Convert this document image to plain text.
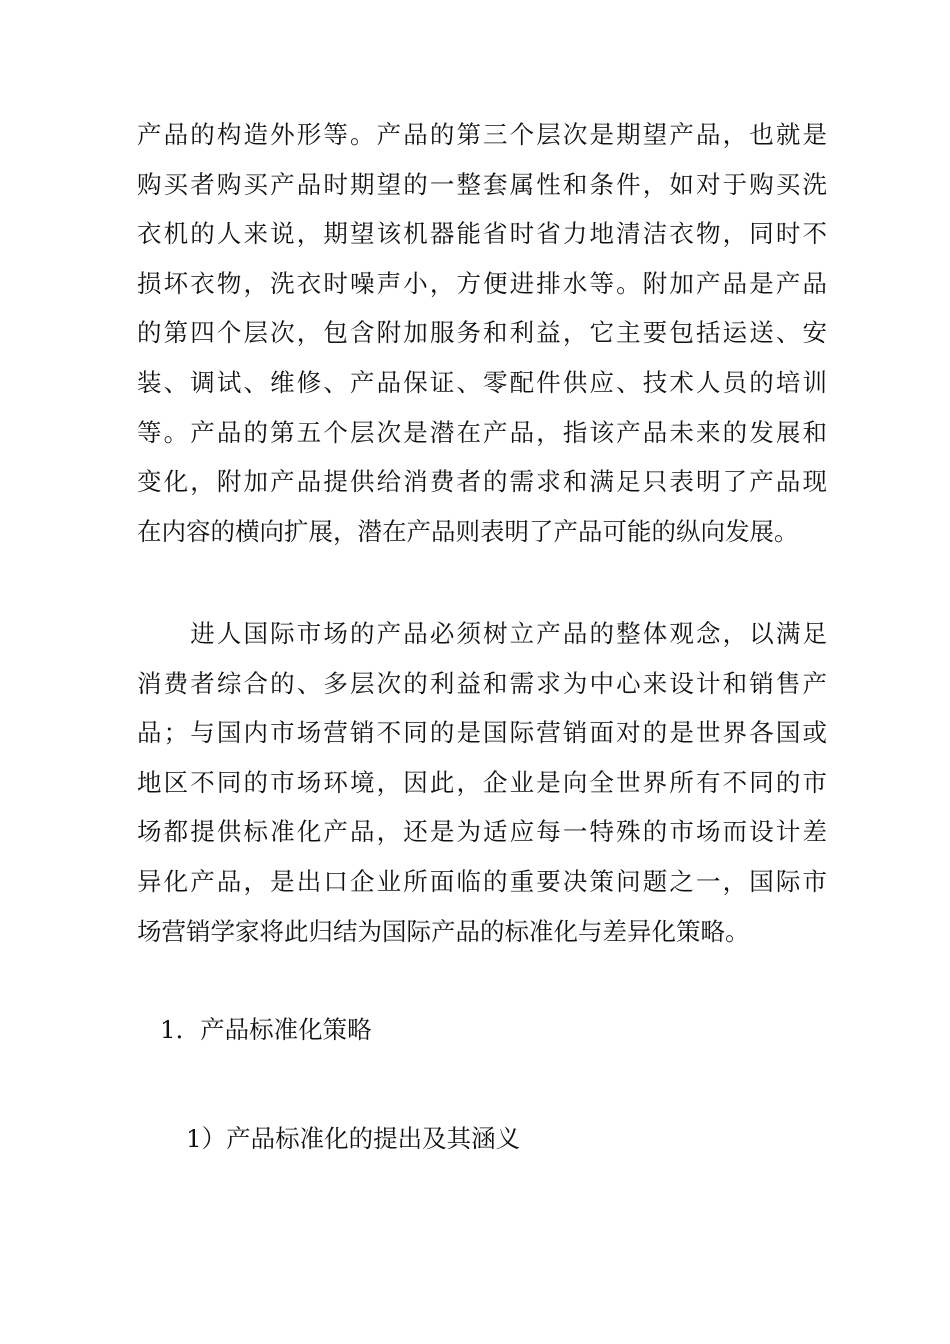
产品的构造外形等。产品的第三个层次是期望产品，也就是
购买者购买产品时期望的一整套属性和条件，如对于购买洗
衣机的人来说，期望该机器能省时省力地清洁衣物，同时不
损坏衣物，洗衣时噪声小，方便进排水等。附加产品是产品
的第四个层次，包含附加服务和利益，它主要包括运送、安
装、调试、维修、产品保证、零配件供应、技术人员的培训
等。产品的第五个层次是潜在产品，指该产品未来的发展和
变化，附加产品提供给消费者的需求和满足只表明了产品现
在内容的横向扩展，潜在产品则表明了产品可能的纵向发展。
　　进人国际市场的产品必须树立产品的整体观念，以满足
消费者综合的、多层次的利益和需求为中心来设计和销售产
品；与国内市场营销不同的是国际营销面对的是世界各国或
地区不同的市场环境，因此，企业是向全世界所有不同的市
场都提供标准化产品，还是为适应每一特殊的市场而设计差
异化产品，是出口企业所面临的重要决策问题之一，国际市
场营销学家将此归结为国际产品的标准化与差异化策略。
1．产品标准化策略
1）产品标准化的提出及其涵义
